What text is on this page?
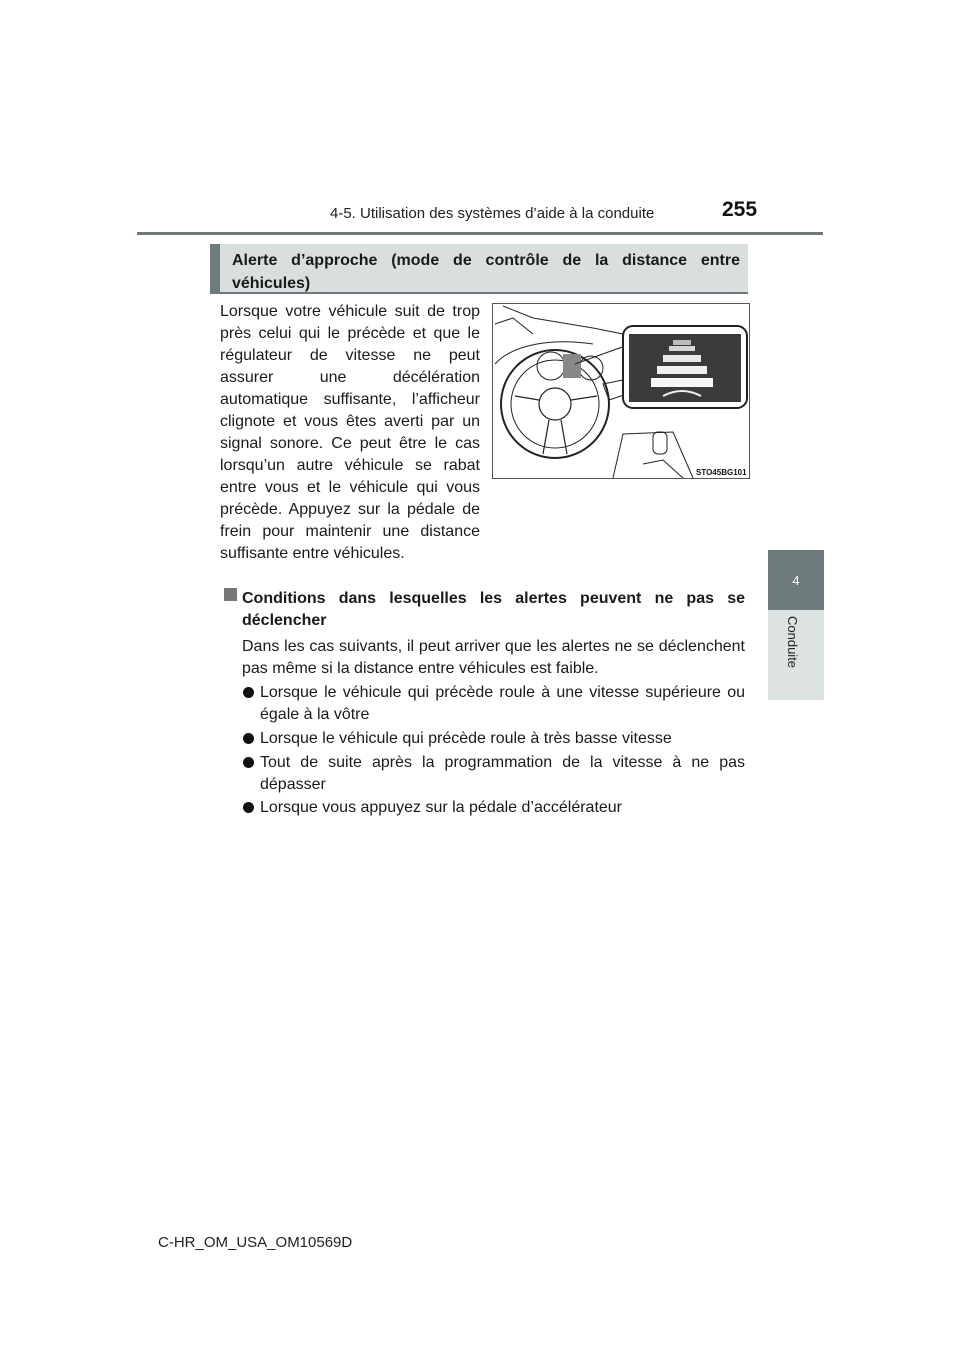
4-5. Utilisation des systèmes d’aide à la conduite	255
4
Conduite
Alerte d’approche (mode de contrôle de la distance entre véhicules)
Lorsque votre véhicule suit de trop près celui qui le précède et que le régulateur de vitesse ne peut assurer une décélération automatique suffisante, l’afficheur clignote et vous êtes averti par un signal sonore. Ce peut être le cas lorsqu’un autre véhicule se rabat entre vous et le véhicule qui vous précède. Appuyez sur la pédale de frein pour maintenir une distance suffisante entre véhicules.
STO45BG101
Conditions dans lesquelles les alertes peuvent ne pas se déclencher
Dans les cas suivants, il peut arriver que les alertes ne se déclenchent pas même si la distance entre véhicules est faible.
Lorsque le véhicule qui précède roule à une vitesse supérieure ou égale à la vôtre
Lorsque le véhicule qui précède roule à très basse vitesse
Tout de suite après la programmation de la vitesse à ne pas dépasser
Lorsque vous appuyez sur la pédale d’accélérateur
C-HR_OM_USA_OM10569D
